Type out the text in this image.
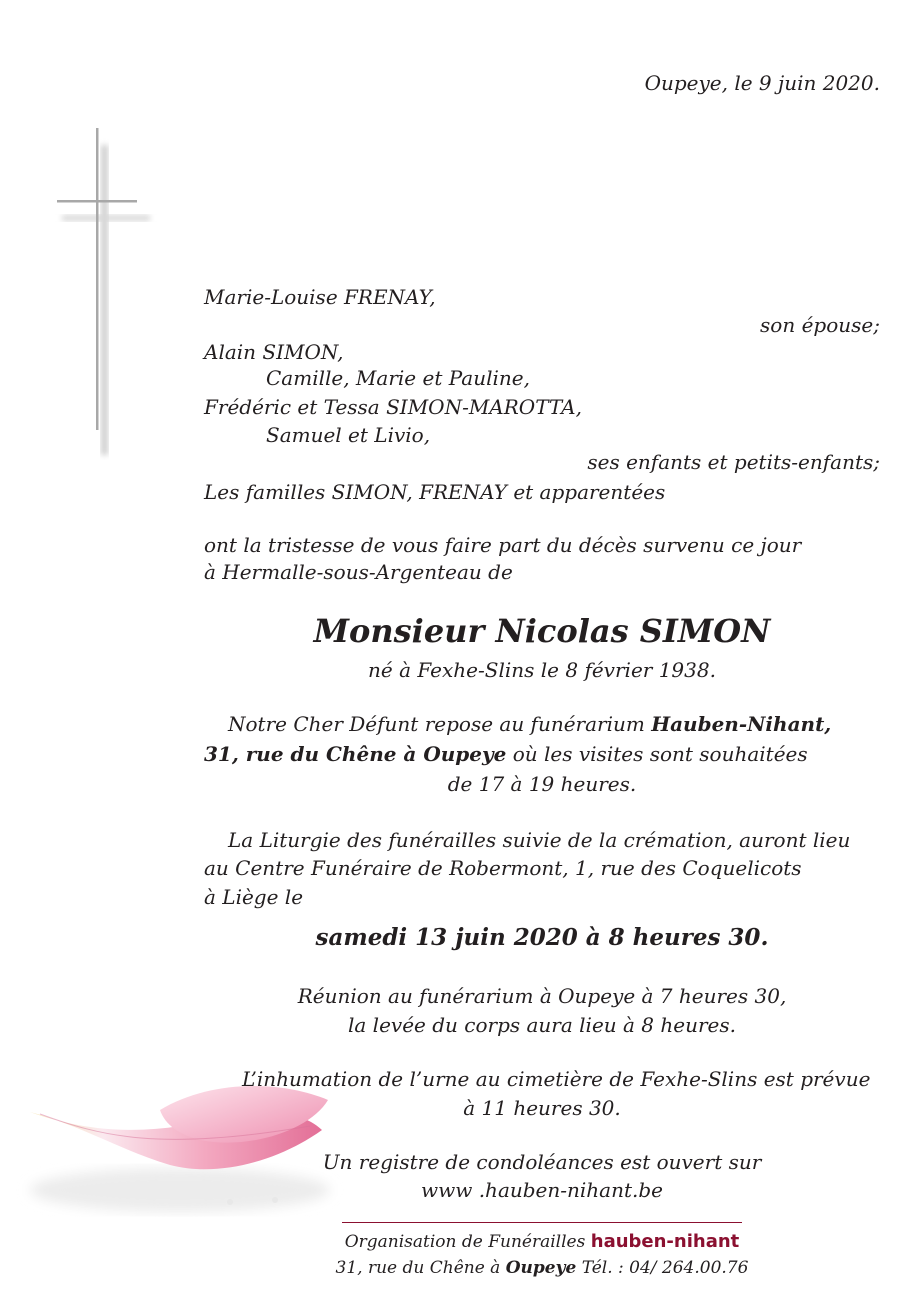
Oupeye, le 9 juin 2020.

Marie-Louise FRENAY,

son épouse;

Alain SIMON,

Camille, Marie et Pauline,

Frédéric et Tessa SIMON-MAROTTA,

Samuel et Livio,

ses enfants et petits-enfants;

Les familles SIMON, FRENAY et apparentées

ont la tristesse de vous faire part du décès survenu ce jour

à Hermalle-sous-Argenteau de

Monsieur Nicolas SIMON

né à Fexhe-Slins le 8 février 1938.

Notre Cher Défunt repose au funérarium Hauben-Nihant,

31, rue du Chêne à Oupeye où les visites sont souhaitées

de 17 à 19 heures.

La Liturgie des funérailles suivie de la crémation, auront lieu

au Centre Funéraire de Robermont, 1, rue des Coquelicots

à Liège le

samedi 13 juin 2020 à 8 heures 30.

Réunion au funérarium à Oupeye à 7 heures 30,

la levée du corps aura lieu à 8 heures.

L’inhumation de l’urne au cimetière de Fexhe-Slins est prévue

à 11 heures 30.

Un registre de condoléances est ouvert sur

www .hauben-nihant.be

Organisation de Funérailles hauben-nihant

31, rue du Chêne à Oupeye Tél. : 04/ 264.00.76
